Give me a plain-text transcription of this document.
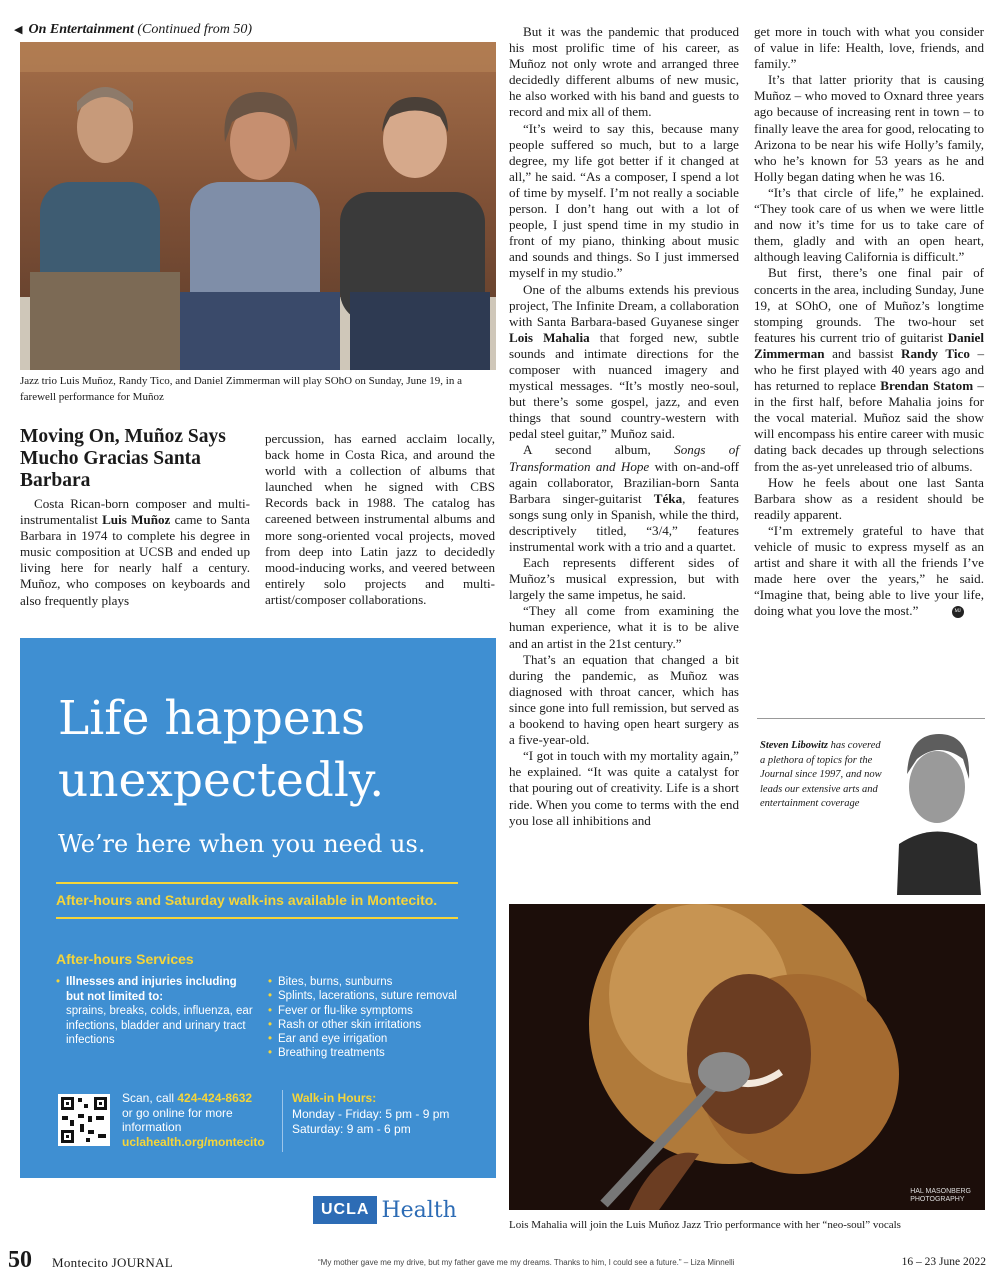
◀ On Entertainment (Continued from 50)
Jazz trio Luis Muñoz, Randy Tico, and Daniel Zimmerman will play SOhO on Sunday, June 19, in a farewell performance for Muñoz
Moving On, Muñoz Says Mucho Gracias Santa Barbara

Costa Rican-born composer and multi-instrumentalist Luis Muñoz came to Santa Barbara in 1974 to complete his degree in music composition at UCSB and ended up living here for nearly half a century. Muñoz, who composes on keyboards and also frequently plays

percussion, has earned acclaim locally, back home in Costa Rica, and around the world with a collection of albums that launched when he signed with CBS Records back in 1988. The catalog has careened between instrumental albums and more song-oriented vocal projects, moved from deep into Latin jazz to decidedly mood-inducing works, and veered between entirely solo projects and multi-artist/composer collaborations.

But it was the pandemic that produced his most prolific time of his career, as Muñoz not only wrote and arranged three decidedly different albums of new music, he also worked with his band and guests to record and mix all of them.

“It’s weird to say this, because many people suffered so much, but to a large degree, my life got better if it changed at all,” he said. “As a composer, I spend a lot of time by myself. I’m not really a sociable person. I don’t hang out with a lot of people, I just spend time in my studio in front of my piano, thinking about music and sounds and things. So I just immersed myself in my studio.”

One of the albums extends his previous project, The Infinite Dream, a collaboration with Santa Barbara-based Guyanese singer Lois Mahalia that forged new, subtle sounds and intimate directions for the composer with nuanced imagery and mystical messages. “It’s mostly neo-soul, but there’s some gospel, jazz, and even things that sound country-western with pedal steel guitar,” Muñoz said.

A second album, Songs of Transformation and Hope with on-and-off again collaborator, Brazilian-born Santa Barbara singer-guitarist Téka, features songs sung only in Spanish, while the third, descriptively titled, “3/4,” features instrumental work with a trio and a quartet.

Each represents different sides of Muñoz’s musical expression, but with largely the same impetus, he said.

“They all come from examining the human experience, what it is to be alive and an artist in the 21st century.”

That’s an equation that changed a bit during the pandemic, as Muñoz was diagnosed with throat cancer, which has since gone into full remission, but served as a bookend to having open heart surgery as a five-year-old.

“I got in touch with my mortality again,” he explained. “It was quite a catalyst for that pouring out of creativity. Life is a short ride. When you come to terms with the end you lose all inhibitions and

get more in touch with what you consider of value in life: Health, love, friends, and family.”

It’s that latter priority that is causing Muñoz – who moved to Oxnard three years ago because of increasing rent in town – to finally leave the area for good, relocating to Arizona to be near his wife Holly’s family, who he’s known for 53 years as he and Holly began dating when he was 16.

“It’s that circle of life,” he explained. “They took care of us when we were little and now it’s time for us to take care of them, gladly and with an open heart, although leaving California is difficult.”

But first, there’s one final pair of concerts in the area, including Sunday, June 19, at SOhO, one of Muñoz’s longtime stomping grounds. The two-hour set features his current trio of guitarist Daniel Zimmerman and bassist Randy Tico – who he first played with 40 years ago and has returned to replace Brendan Statom – in the first half, before Mahalia joins for the vocal material. Muñoz said the show will encompass his entire career with music dating back decades up through selections from the as-yet unreleased trio of albums.

How he feels about one last Santa Barbara show as a resident should be readily apparent.

“I’m extremely grateful to have that vehicle of music to express myself as an artist and share it with all the friends I’ve made here over the years,” he said. “Imagine that, being able to live your life, doing what you love the most.”	MJ

Steven Libowitz has covered a plethora of topics for the Journal since 1997, and now leads our extensive arts and entertainment coverage
HAL MASONBERG
PHOTOGRAPHY
Lois Mahalia will join the Luis Muñoz Jazz Trio performance with her “neo-soul” vocals
Life happens
unexpectedly.
We’re here when you need us.
After-hours and Saturday walk-ins available in Montecito.
After-hours Services
• Illnesses and injuries including but not limited to:
sprains, breaks, colds, influenza, ear infections, bladder and urinary tract infections
• Bites, burns, sunburns
• Splints, lacerations, suture removal
• Fever or flu-like symptoms
• Rash or other skin irritations
• Ear and eye irrigation
• Breathing treatments
Scan, call 424-424-8632
or go online for more information
uclahealth.org/montecito
Walk-in Hours:
Monday - Friday: 5 pm - 9 pm
Saturday: 9 am - 6 pm
UCLA Health
50 Montecito JOURNAL	“My mother gave me my drive, but my father gave me my dreams. Thanks to him, I could see a future.” – Liza Minnelli	16 – 23 June 2022
